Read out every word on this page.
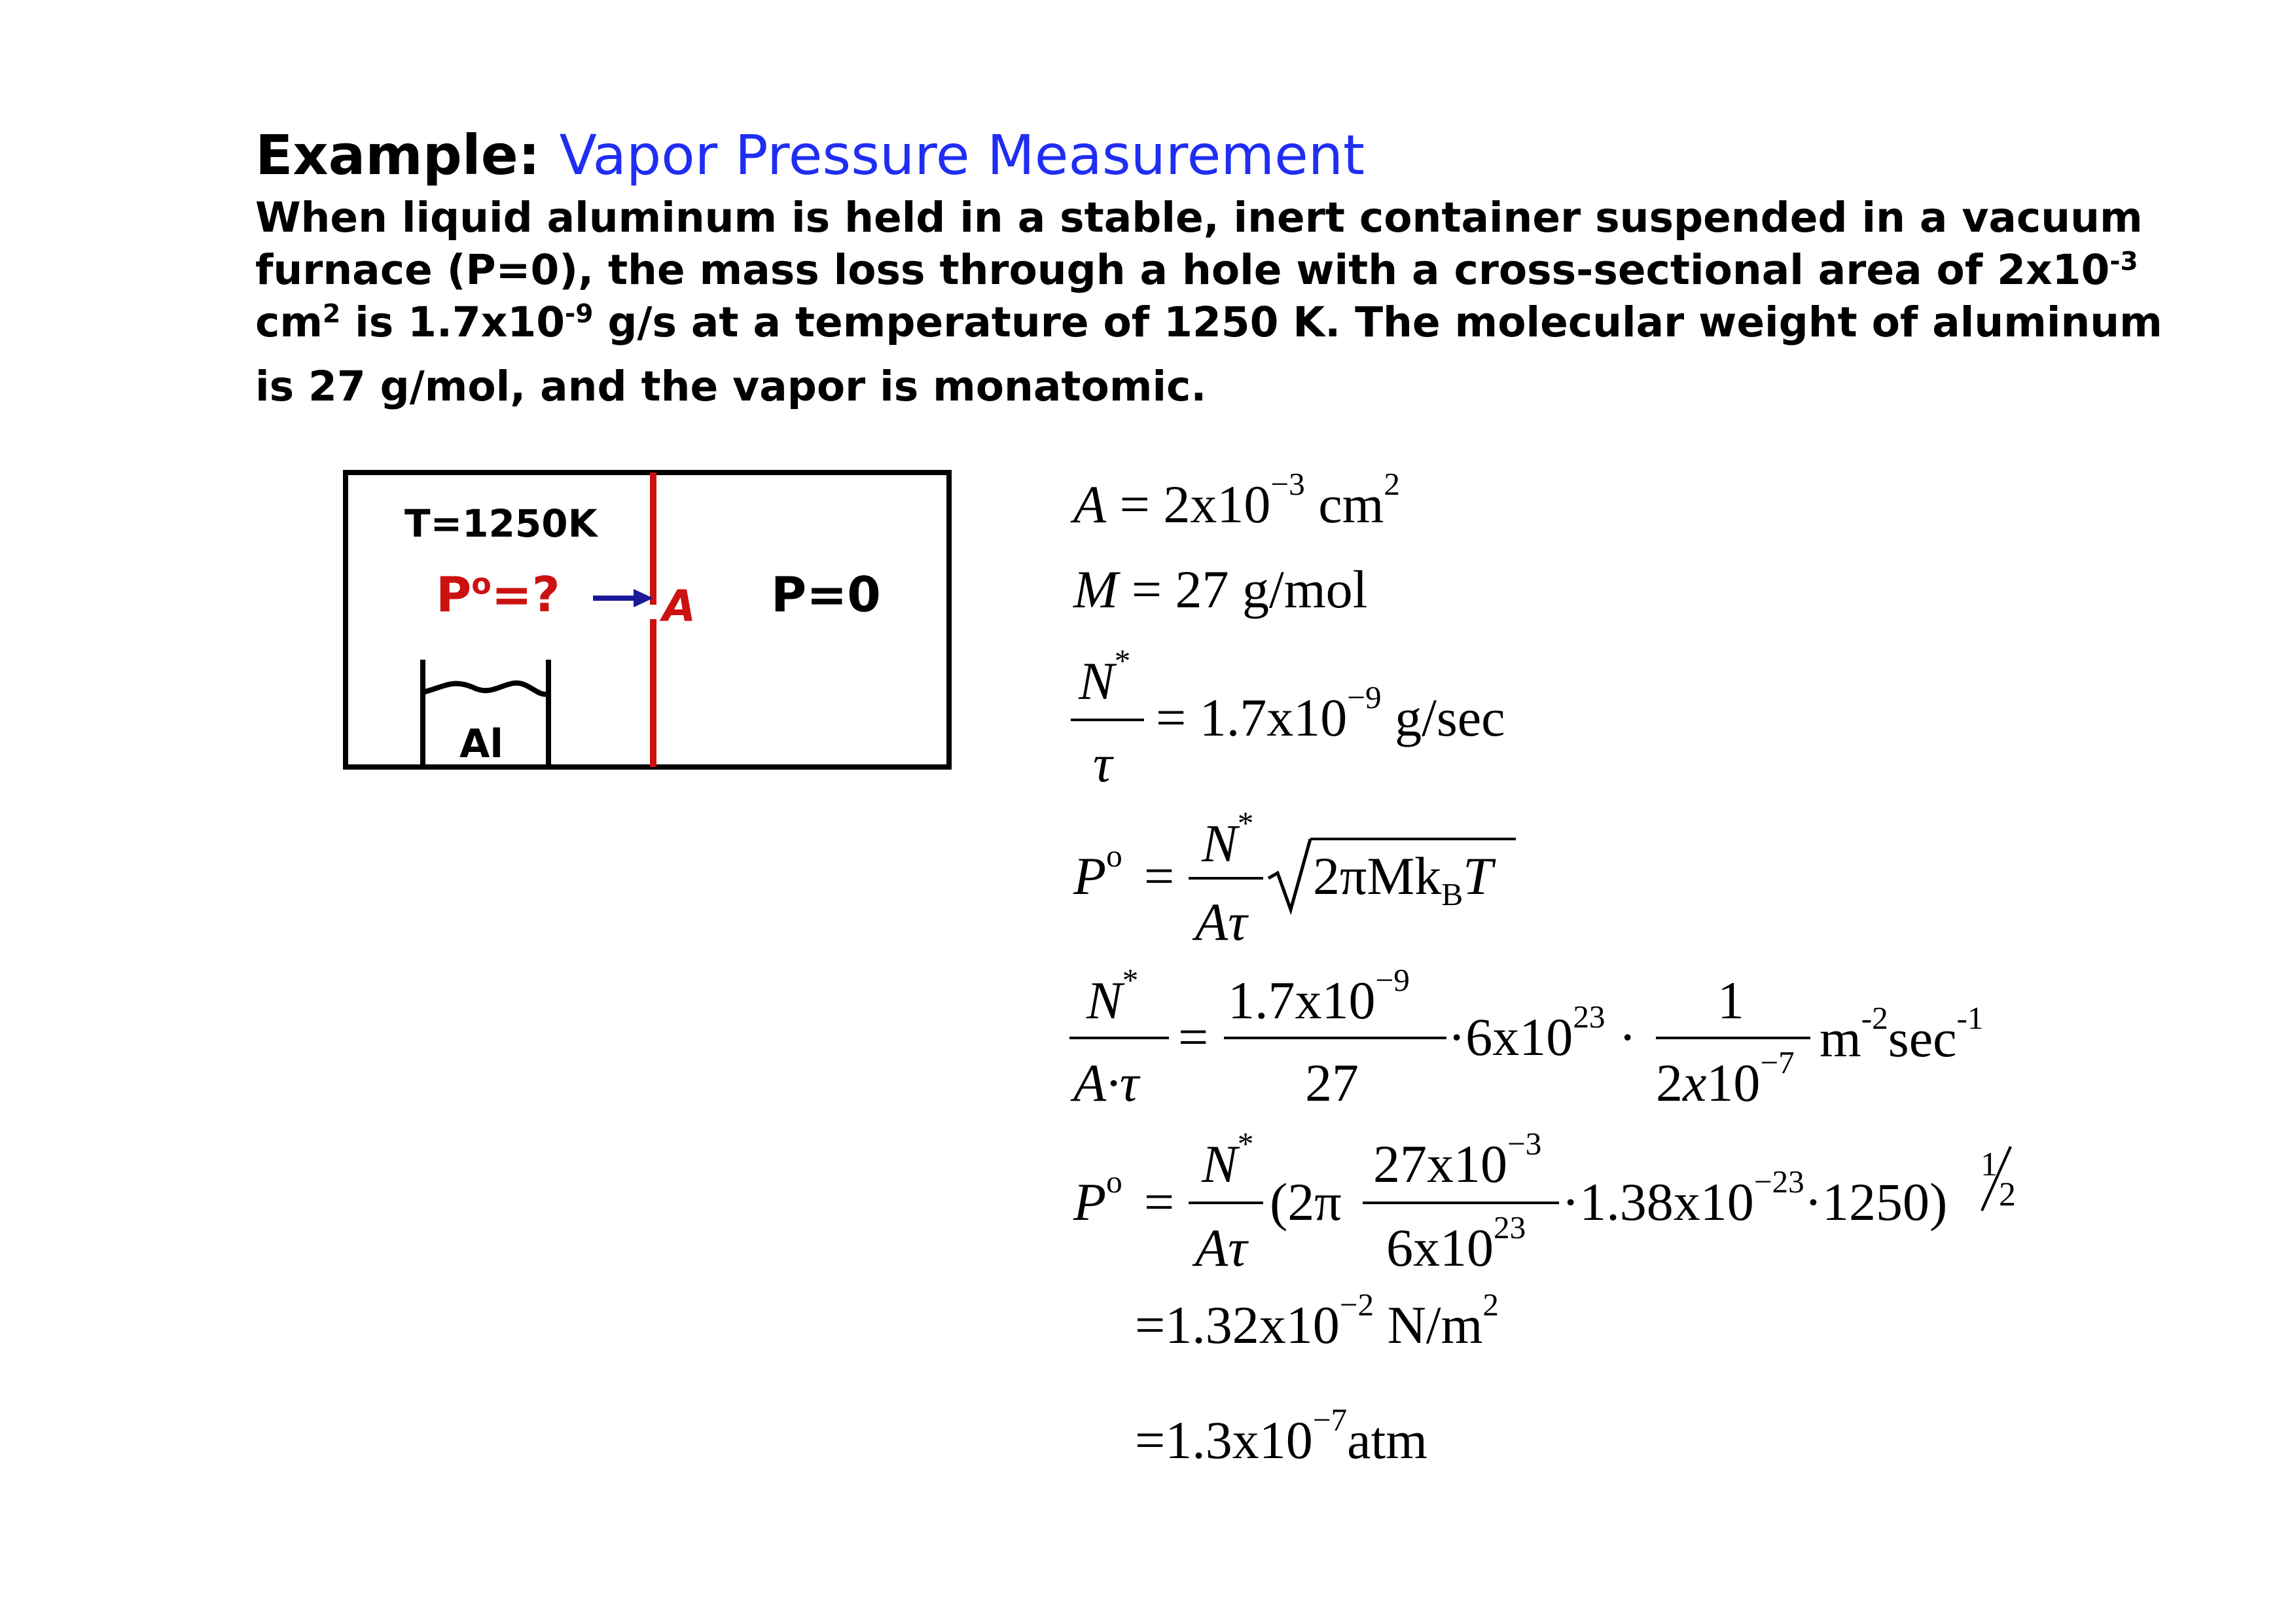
Example: Vapor Pressure Measurement
When liquid aluminum is held in a stable, inert container suspended in a vacuum
furnace (P=0), the mass loss through a hole with a cross-sectional area of $2x10^{-3}$
$cm^2$ is $1.7x10^{-9}$ g/s at a temperature of 1250 K. The molecular weight of aluminum
is 27 g/mol, and the vapor is monatomic.
T=1250K
$P^o=$? A P=0
Al
$A = 2x10^{-3}$ $cm^2$
M = 27 g/mol
N*
τ
= $1.7x10^{-9}$ g/sec
$P^o$ =
N*
Aτ
2πMk$_B$T
N*
A·τ
=
$1.7x10^{-9}$
27
$\cdot 6x10^{23}$ ·
1
$2x10^{-7}$ $m^{-2}\sec^{-1}$
$P^o$ =
N*
Aτ
(2π
$27x10^{-3}$
$6x10^{23} \cdot 1.38x10^{-23}\cdot 1250$)
1
2
$=1.32x10^{-2}$ $N/m^2$
$=1.3x10^{-7}atm$
